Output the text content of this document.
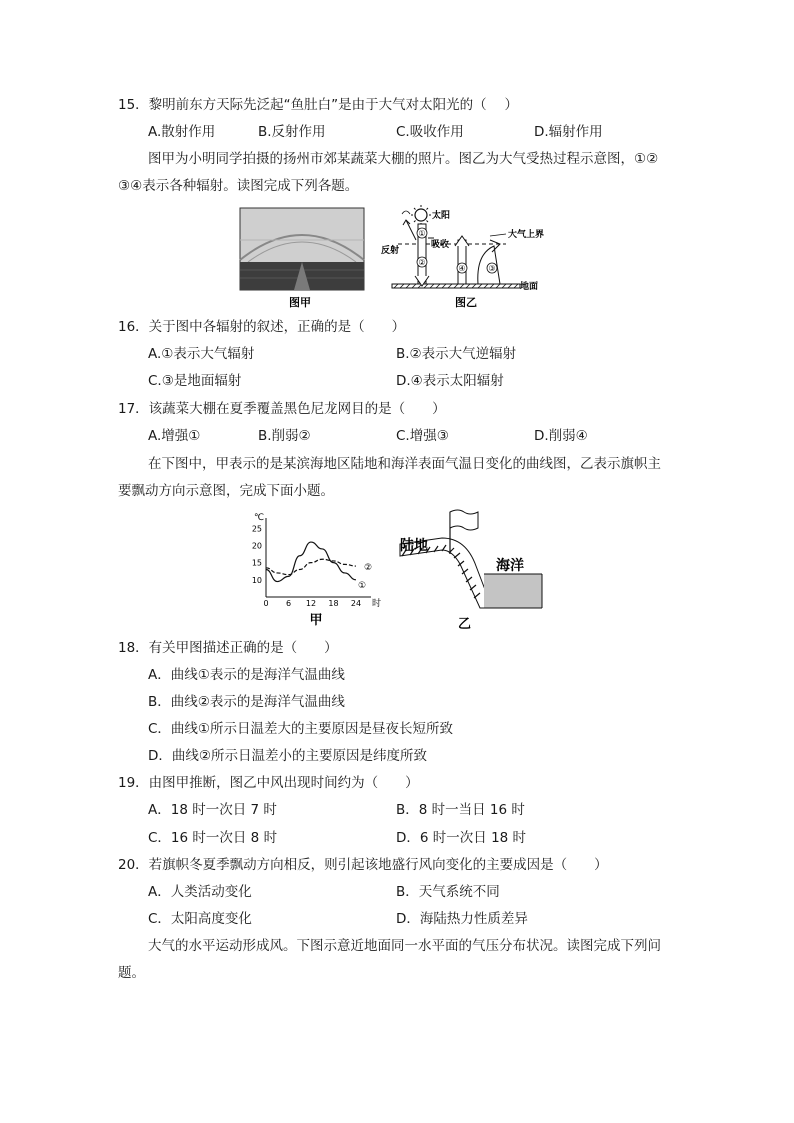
15．黎明前东方天际先泛起“鱼肚白”是由于大气对太阳光的（　 ）
A.散射作用	B.反射作用	C.吸收作用	D.辐射作用
图甲为小明同学拍摄的扬州市郊某蔬菜大棚的照片。图乙为大气受热过程示意图，①②
③④表示各种辐射。读图完成下列各题。
图甲
太阳
大气上界
地面
①
②
反射
吸收
④	③
图乙
16．关于图中各辐射的叙述，正确的是（　　）
A.①表示大气辐射	B.②表示大气逆辐射
C.③是地面辐射	D.④表示太阳辐射
17．该蔬菜大棚在夏季覆盖黑色尼龙网目的是（　　）
A.增强①	B.削弱②	C.增强③	D.削弱④
在下图中，甲表示的是某滨海地区陆地和海洋表面气温日变化的曲线图，乙表示旗帜主
要飘动方向示意图，完成下面小题。
℃
10
15
20
25
0 6 12 18 24 时
②
①
甲
陆地
海洋
乙
18．有关甲图描述正确的是（　　）
A．曲线①表示的是海洋气温曲线
B．曲线②表示的是海洋气温曲线
C．曲线①所示日温差大的主要原因是昼夜长短所致
D．曲线②所示日温差小的主要原因是纬度所致
19．由图甲推断，图乙中风出现时间约为（　　）
A．18 时一次日 7 时	B．8 时一当日 16 时
C．16 时一次日 8 时	D．6 时一次日 18 时
20．若旗帜冬夏季飘动方向相反，则引起该地盛行风向变化的主要成因是（　　）
A．人类活动变化	B．天气系统不同
C．太阳高度变化	D．海陆热力性质差异
大气的水平运动形成风。下图示意近地面同一水平面的气压分布状况。读图完成下列问
题。
